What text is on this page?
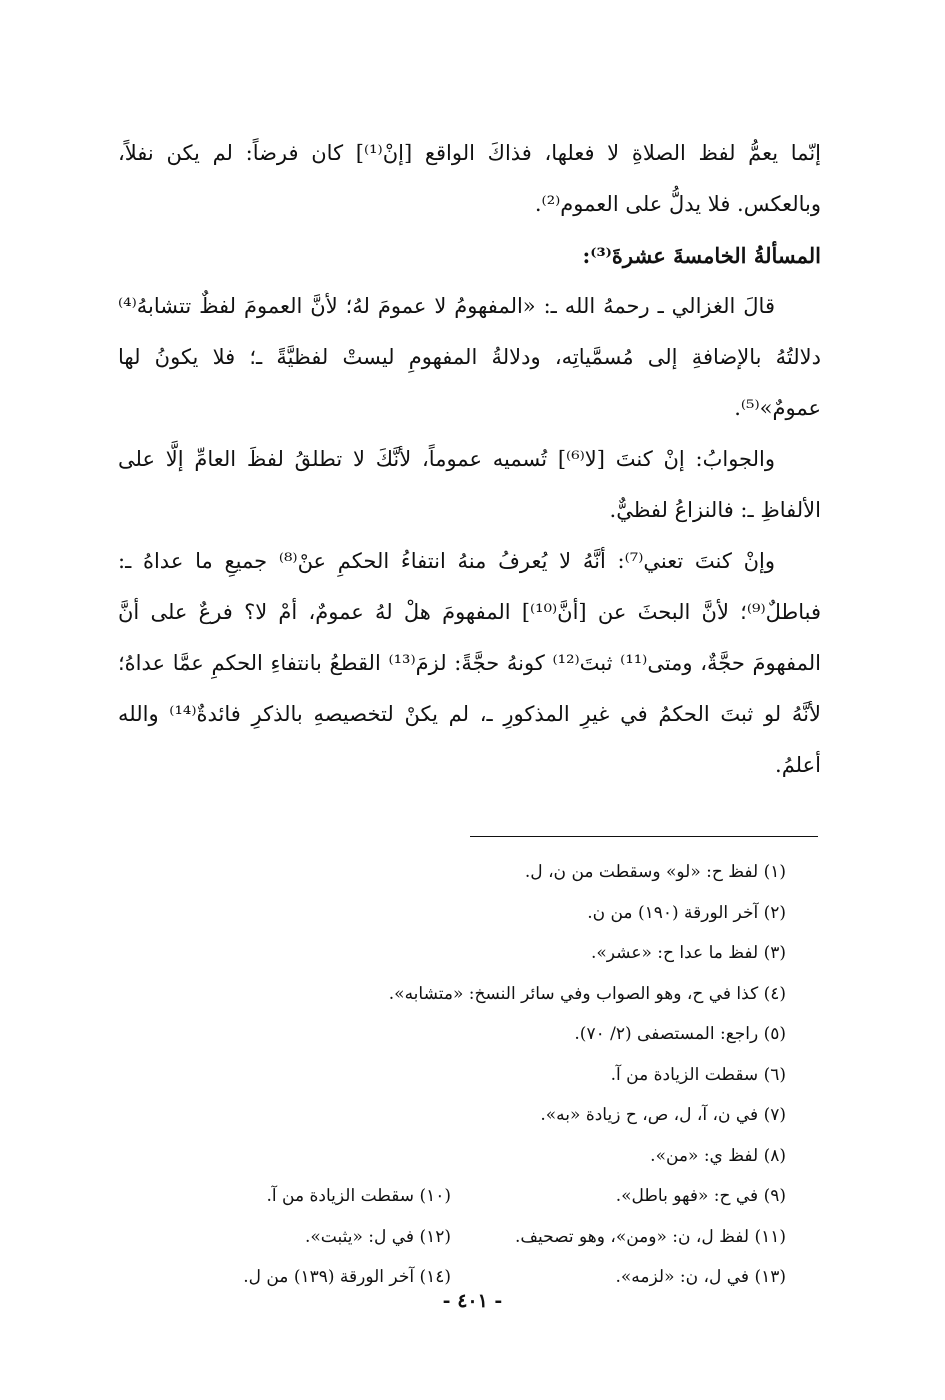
إنّما يعمُّ لفظ الصلاةِ لا فعلها، فذاكَ الواقع [إنْ⁽¹⁾] كان فرضاً: لم يكن نفلاً، وبالعكس. فلا يدلُّ على العموم⁽²⁾.

المسألةُ الخامسةَ عشرةَ⁽³⁾:

قالَ الغزالي ـ رحمهُ الله ـ: «المفهومُ لا عمومَ لهُ؛ لأنَّ العمومَ لفظٌ تتشابهُ⁽⁴⁾ دلالتُهُ بالإضافةِ إلى مُسمَّياتِه، ودلالةُ المفهومِ ليستْ لفظيَّةً ـ؛ فلا يكونُ لها عمومٌ»⁽⁵⁾.

والجوابُ: إنْ كنتَ [لا⁽⁶⁾] تُسميه عموماً، لأنَّكَ لا تطلقُ لفظَ العامِّ إلَّا على الألفاظِ ـ: فالنزاعُ لفظيٌّ.

وإنْ كنتَ تعني⁽⁷⁾: أنَّهُ لا يُعرفُ منهُ انتفاءُ الحكمِ عنْ⁽⁸⁾ جميعِ ما عداهُ ـ: فباطلٌ⁽⁹⁾؛ لأنَّ البحثَ عن [أنَّ⁽¹⁰⁾] المفهومَ هلْ لهُ عمومٌ، أمْ لا؟ فرعٌ على أنَّ المفهومَ حجَّةٌ، ومتى⁽¹¹⁾ ثبتَ⁽¹²⁾ كونهُ حجَّةً: لزمَ⁽¹³⁾ القطعُ بانتفاءِ الحكمِ عمَّا عداهُ؛ لأنَّهُ لو ثبتَ الحكمُ في غيرِ المذكورِ ـ، لم يكنْ لتخصيصهِ بالذكرِ فائدةٌ⁽¹⁴⁾ والله أعلمُ.

(١) لفظ ح: «لو» وسقطت من ن، ل.

(٢) آخر الورقة (١٩٠) من ن.

(٣) لفظ ما عدا ح: «عشر».

(٤) كذا في ح، وهو الصواب وفي سائر النسخ: «متشابه».

(٥) راجع: المستصفى (٢/ ٧٠).

(٦) سقطت الزيادة من آ.

(٧) في ن، آ، ل، ص، ح زيادة «به».

(٨) لفظ ي: «من».

(٩) في ح: «فهو باطل».
(١٠) سقطت الزيادة من آ.
(١١) لفظ ل، ن: «ومن»، وهو تصحيف.
(١٢) في ل: «يثبت».
(١٣) في ل، ن: «لزمه».
(١٤) آخر الورقة (١٣٩) من ل.
- ٤٠١ -
